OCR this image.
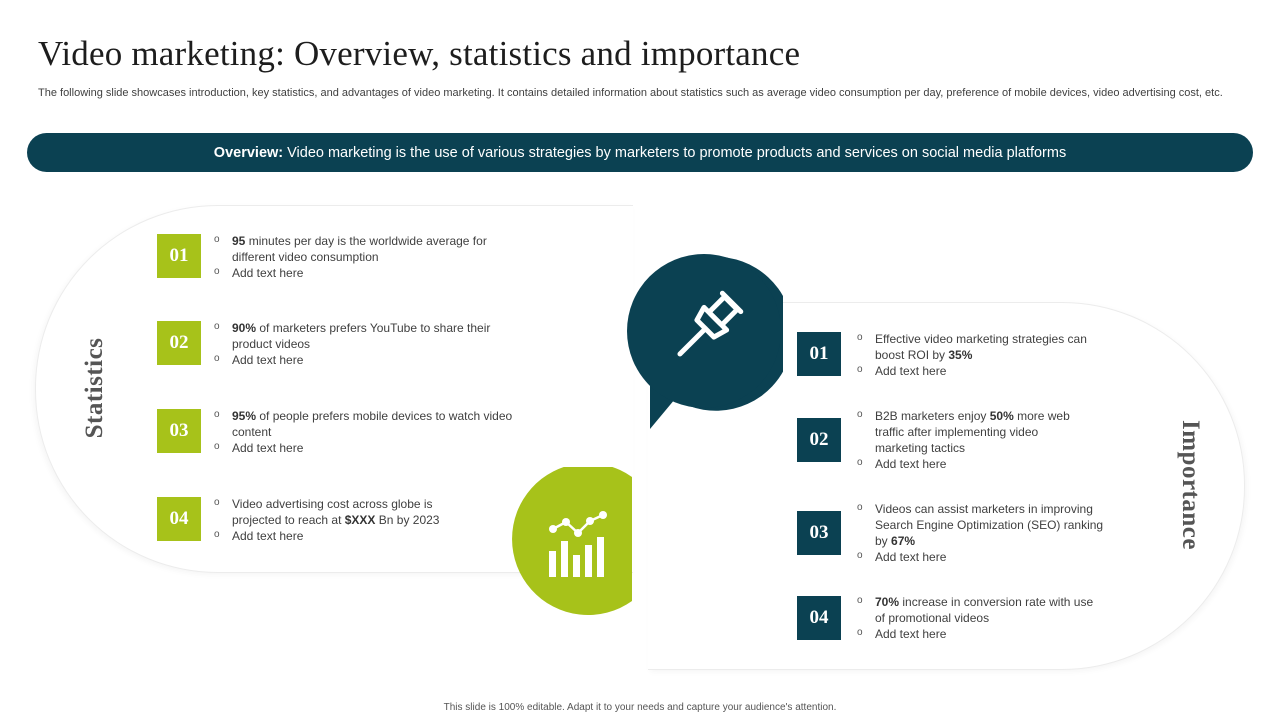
Video marketing: Overview, statistics and importance
The following slide showcases introduction, key statistics, and advantages of video marketing. It contains detailed information about statistics such as average video consumption per day, preference of mobile devices, video advertising cost, etc.
Overview: Video marketing is the use of various strategies by marketers to promote products and services on social media platforms
Statistics
01
o 95 minutes per day is the worldwide average for different video consumption
o Add text here
02
o 90% of marketers prefers YouTube to share their product videos
o Add text here
03
o 95% of people prefers mobile devices to watch video content
o Add text here
04
o Video advertising cost across globe is projected to reach at $XXX Bn by 2023
o Add text here	Importance
01
o Effective video marketing strategies can boost ROI by 35%
o Add text here
02
o B2B marketers enjoy 50% more web traffic after implementing video marketing tactics
o Add text here
03
o Videos can assist marketers in improving Search Engine Optimization (SEO) ranking by 67%
o Add text here
04
o 70% increase in conversion rate with use of promotional videos
o Add text here
This slide is 100% editable. Adapt it to your needs and capture your audience's attention.
